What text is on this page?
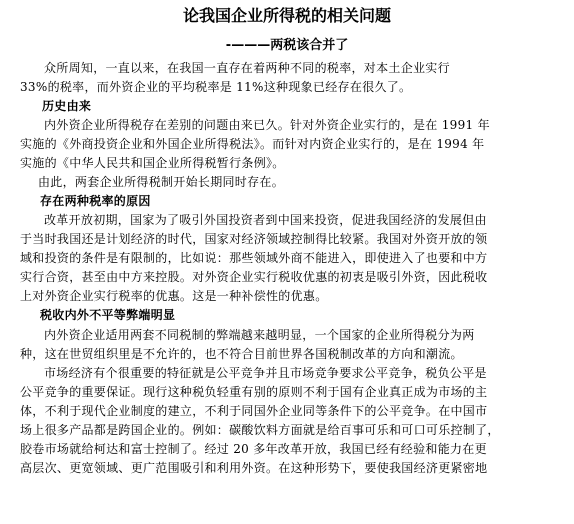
论我国企业所得税的相关问题
-———两税该合并了
众所周知，一直以来，在我国一直存在着两种不同的税率，对本土企业实行
33%的税率，而外资企业的平均税率是 11%这种现象已经存在很久了。
历史由来
内外资企业所得税存在差别的问题由来已久。针对外资企业实行的，是在 1991 年
实施的《外商投资企业和外国企业所得税法》。而针对内资企业实行的，是在 1994 年
实施的《中华人民共和国企业所得税暂行条例》。
由此，两套企业所得税制开始长期同时存在。
存在两种税率的原因
改革开放初期，国家为了吸引外国投资者到中国来投资，促进我国经济的发展但由
于当时我国还是计划经济的时代，国家对经济领域控制得比较紧。我国对外资开放的领
域和投资的条件是有限制的，比如说：那些领域外商不能进入，即使进入了也要和中方
实行合资，甚至由中方来控股。对外资企业实行税收优惠的初衷是吸引外资，因此税收
上对外资企业实行税率的优惠。这是一种补偿性的优惠。
税收内外不平等弊端明显
内外资企业适用两套不同税制的弊端越来越明显，一个国家的企业所得税分为两
种，这在世贸组织里是不允许的，也不符合目前世界各国税制改革的方向和潮流。
市场经济有个很重要的特征就是公平竞争并且市场竞争要求公平竞争，税负公平是
公平竞争的重要保证。现行这种税负轻重有别的原则不利于国有企业真正成为市场的主
体，不利于现代企业制度的建立，不利于同国外企业同等条件下的公平竞争。在中国市
场上很多产品都是跨国企业的。例如：碳酸饮料方面就是给百事可乐和可口可乐控制了，
胶卷市场就给柯达和富士控制了。经过 20 多年改革开放，我国已经有经验和能力在更
高层次、更宽领域、更广范围吸引和利用外资。在这种形势下，要使我国经济更紧密地
